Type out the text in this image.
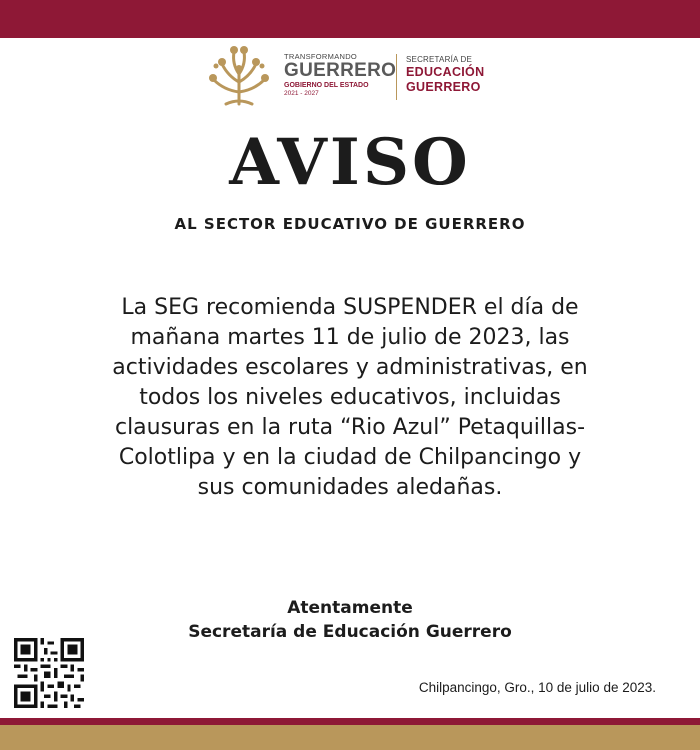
TRANSFORMANDO
GUERRERO
GOBIERNO DEL ESTADO
2021 - 2027
SECRETARÍA DE
EDUCACIÓN
GUERRERO
AVISO
AL SECTOR EDUCATIVO DE GUERRERO
La SEG recomienda SUSPENDER el día de
mañana martes 11 de julio de 2023, las
actividades escolares y administrativas, en
todos los niveles educativos, incluidas
clausuras en la ruta “Rio Azul” Petaquillas-
Colotlipa y en la ciudad de Chilpancingo y
sus comunidades aledañas.
Atentamente
Secretaría de Educación Guerrero
Chilpancingo, Gro., 10 de julio de 2023.
